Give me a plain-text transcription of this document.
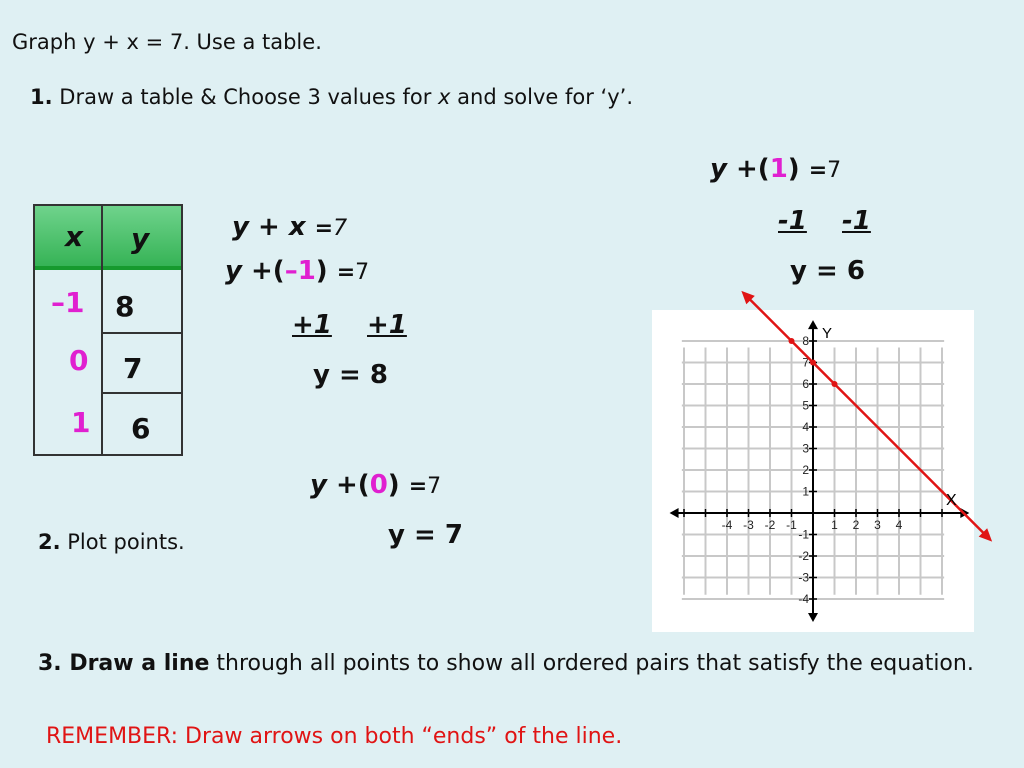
Graph y + x = 7. Use a table.
1. Draw a table & Choose 3 values for x and solve for ‘y’.
x y
–1 8
0 7
1 6
y + x =7
y +(–1) =7
+1 +1
y = 8
y +(0) =7
y = 7
y +(1) =7
-1 -1
y = 6
2. Plot points.
-4 -3 -2 -1	1 2 3 4
8
7
6
5
4
3
2
1
-1
-2
-3
-4
X
Y
3. Draw a line through all points to show all ordered pairs that satisfy the equation.
REMEMBER: Draw arrows on both “ends” of the line.
